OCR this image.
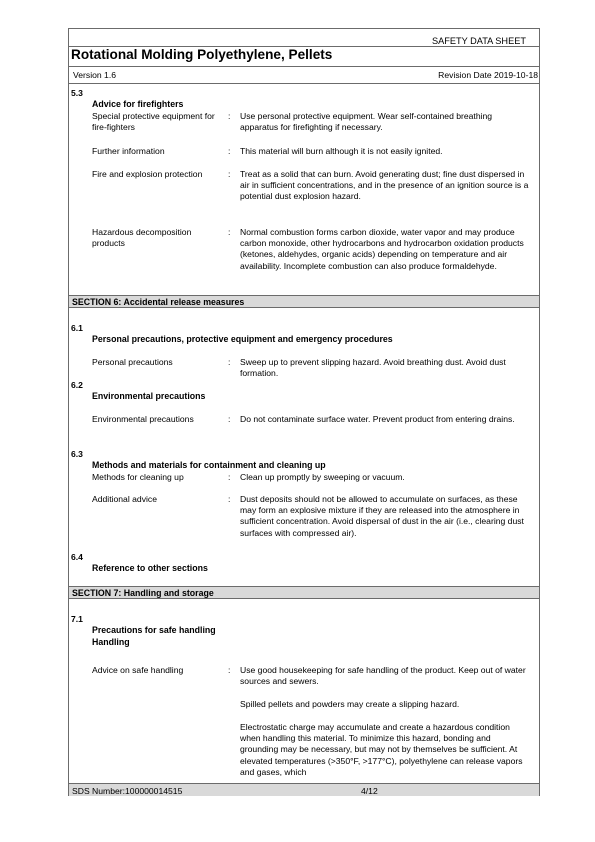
SAFETY DATA SHEET
Rotational Molding Polyethylene, Pellets
Version 1.6	Revision Date 2019-10-18
5.3
Advice for firefighters
Special protective equipment for fire-fighters
: Use personal protective equipment. Wear self-contained breathing apparatus for firefighting if necessary.
Further information	: This material will burn although it is not easily ignited.
Fire and explosion protection	: Treat as a solid that can burn. Avoid generating dust; fine dust dispersed in air in sufficient concentrations, and in the presence of an ignition source is a potential dust explosion hazard.
Hazardous decomposition products
: Normal combustion forms carbon dioxide, water vapor and may produce carbon monoxide, other hydrocarbons and hydrocarbon oxidation products (ketones, aldehydes, organic acids) depending on temperature and air availability. Incomplete combustion can also produce formaldehyde.
SECTION 6: Accidental release measures
6.1
Personal precautions, protective equipment and emergency procedures
Personal precautions	: Sweep up to prevent slipping hazard. Avoid breathing dust. Avoid dust formation.
6.2
Environmental precautions
Environmental precautions	: Do not contaminate surface water. Prevent product from entering drains.
6.3
Methods and materials for containment and cleaning up
Methods for cleaning up	: Clean up promptly by sweeping or vacuum.
Additional advice	: Dust deposits should not be allowed to accumulate on surfaces, as these may form an explosive mixture if they are released into the atmosphere in sufficient concentration. Avoid dispersal of dust in the air (i.e., clearing dust surfaces with compressed air).
6.4
Reference to other sections
SECTION 7: Handling and storage
7.1
Precautions for safe handling
Handling
Advice on safe handling	: Use good housekeeping for safe handling of the product. Keep out of water sources and sewers.
Spilled pellets and powders may create a slipping hazard.
Electrostatic charge may accumulate and create a hazardous condition when handling this material. To minimize this hazard, bonding and grounding may be necessary, but may not by themselves be sufficient. At elevated temperatures (>350°F, >177°C), polyethylene can release vapors and gases, which
SDS Number:100000014515	4/12
